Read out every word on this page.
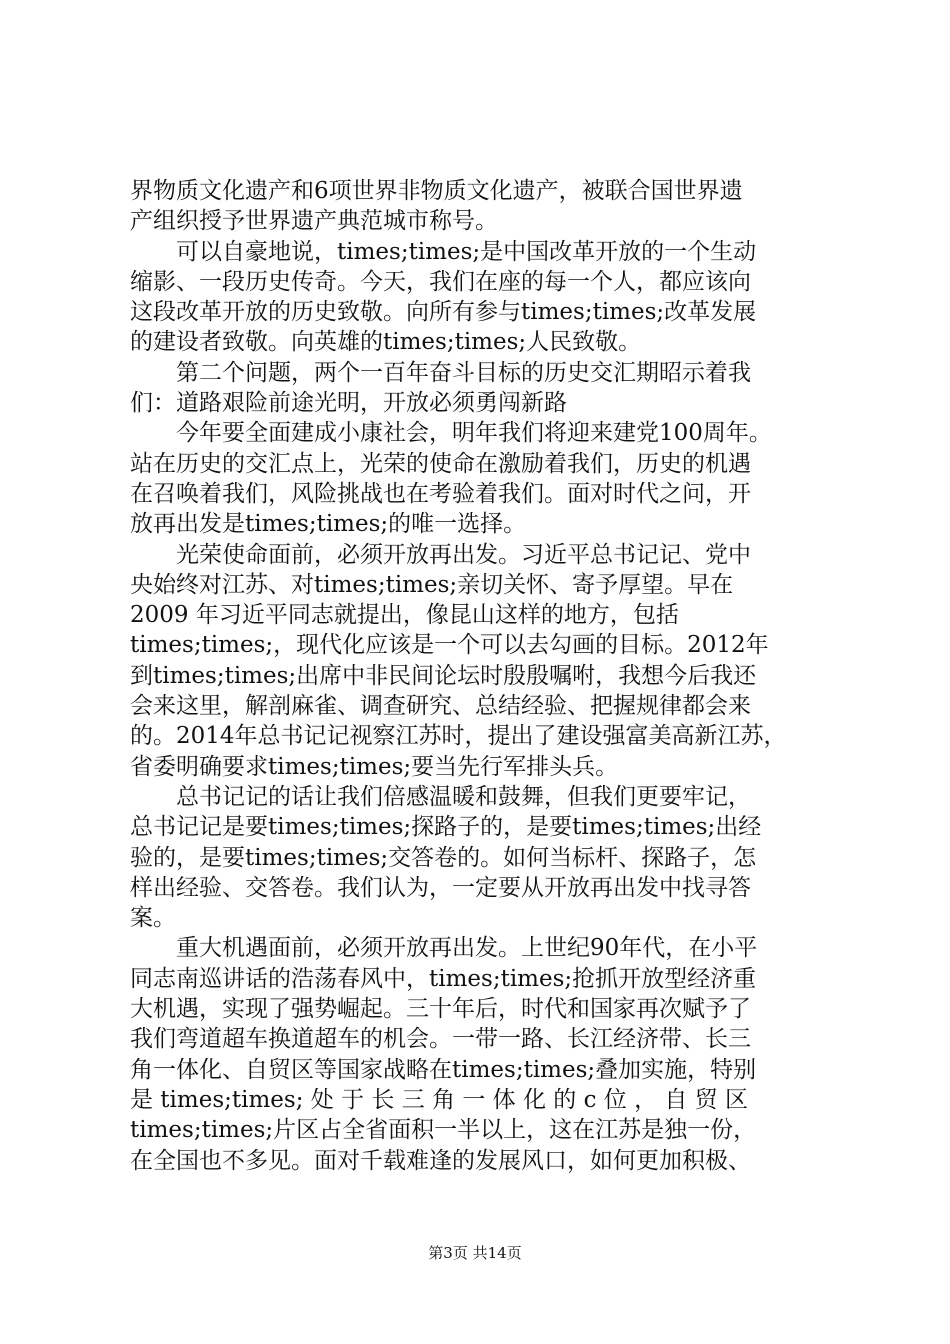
界物质文化遗产和6项世界非物质文化遗产，被联合国世界遗
产组织授予世界遗产典范城市称号。
　　可以自豪地说，times;times;是中国改革开放的一个生动
缩影、一段历史传奇。今天，我们在座的每一个人，都应该向
这段改革开放的历史致敬。向所有参与times;times;改革发展
的建设者致敬。向英雄的times;times;人民致敬。
　　第二个问题，两个一百年奋斗目标的历史交汇期昭示着我
们：道路艰险前途光明，开放必须勇闯新路
　　今年要全面建成小康社会，明年我们将迎来建党100周年。
站在历史的交汇点上，光荣的使命在激励着我们，历史的机遇
在召唤着我们，风险挑战也在考验着我们。面对时代之问，开
放再出发是times;times;的唯一选择。
　　光荣使命面前，必须开放再出发。习近平总书记记、党中
央始终对江苏、对times;times;亲切关怀、寄予厚望。早在
2009 年习近平同志就提出，像昆山这样的地方，包括
times;times;，现代化应该是一个可以去勾画的目标。2012年
到times;times;出席中非民间论坛时殷殷嘱咐，我想今后我还
会来这里，解剖麻雀、调查研究、总结经验、把握规律都会来
的。2014年总书记记视察江苏时，提出了建设强富美高新江苏，
省委明确要求times;times;要当先行军排头兵。
　　总书记记的话让我们倍感温暖和鼓舞，但我们更要牢记，
总书记记是要times;times;探路子的，是要times;times;出经
验的，是要times;times;交答卷的。如何当标杆、探路子，怎
样出经验、交答卷。我们认为，一定要从开放再出发中找寻答
案。
　　重大机遇面前，必须开放再出发。上世纪90年代，在小平
同志南巡讲话的浩荡春风中，times;times;抢抓开放型经济重
大机遇，实现了强势崛起。三十年后，时代和国家再次赋予了
我们弯道超车换道超车的机会。一带一路、长江经济带、长三
角一体化、自贸区等国家战略在times;times;叠加实施，特别
是 times;times; 处 于 长 三 角 一 体 化 的 c 位 ， 自 贸 区
times;times;片区占全省面积一半以上，这在江苏是独一份，
在全国也不多见。面对千载难逢的发展风口，如何更加积极、
第3页 共14页
